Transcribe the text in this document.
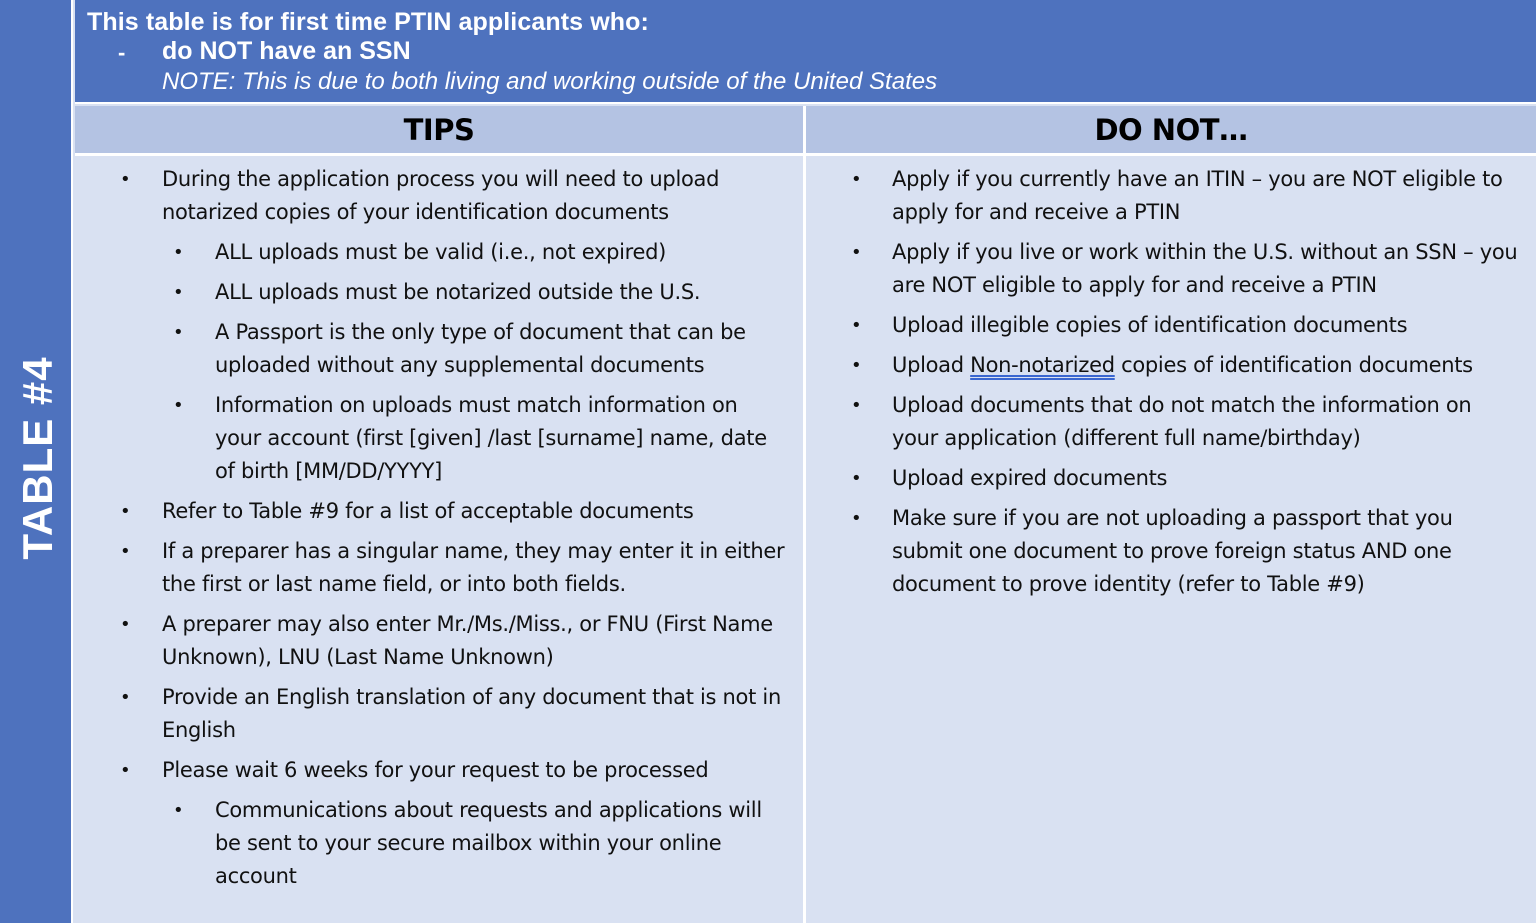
TABLE #4
This table is for first time PTIN applicants who:
- do NOT have an SSN
NOTE: This is due to both living and working outside of the United States
TIPS	DO NOT…
• During the application process you will need to upload notarized copies of your identification documents
• ALL uploads must be valid (i.e., not expired)
• ALL uploads must be notarized outside the U.S.
• A Passport is the only type of document that can be uploaded without any supplemental documents
• Information on uploads must match information on your account (first [given] /last [surname] name, date of birth [MM/DD/YYYY]
• Refer to Table #9 for a list of acceptable documents
• If a preparer has a singular name, they may enter it in either the first or last name field, or into both fields.
• A preparer may also enter Mr./Ms./Miss., or FNU (First Name Unknown), LNU (Last Name Unknown)
• Provide an English translation of any document that is not in English
• Please wait 6 weeks for your request to be processed
• Communications about requests and applications will be sent to your secure mailbox within your online account
• Apply if you currently have an ITIN – you are NOT eligible to apply for and receive a PTIN
• Apply if you live or work within the U.S. without an SSN – you are NOT eligible to apply for and receive a PTIN
• Upload illegible copies of identification documents
• Upload Non-notarized copies of identification documents
• Upload documents that do not match the information on your application (different full name/birthday)
• Upload expired documents
• Make sure if you are not uploading a passport that you submit one document to prove foreign status AND one document to prove identity (refer to Table #9)
